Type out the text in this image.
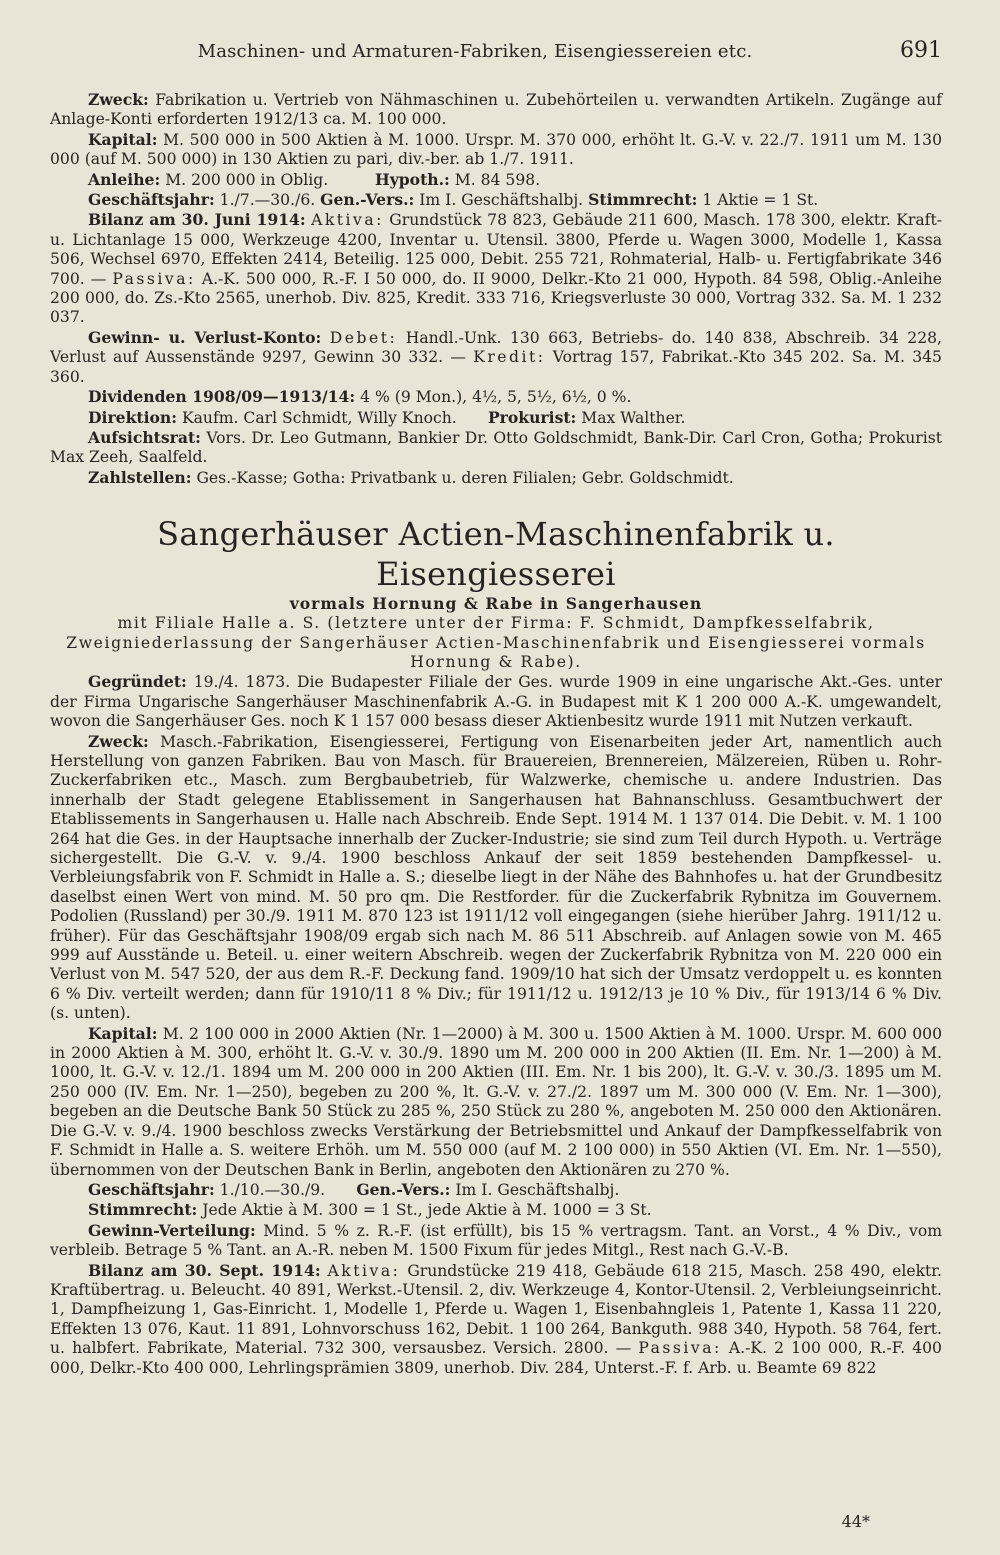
Maschinen- und Armaturen-Fabriken, Eisengiessereien etc.	691

Zweck: Fabrikation u. Vertrieb von Nähmaschinen u. Zubehörteilen u. verwandten Artikeln. Zugänge auf Anlage-Konti erforderten 1912/13 ca. M. 100 000.

Kapital: M. 500 000 in 500 Aktien à M. 1000. Urspr. M. 370 000, erhöht lt. G.-V. v. 22./7. 1911 um M. 130 000 (auf M. 500 000) in 130 Aktien zu pari, div.-ber. ab 1./7. 1911.

Anleihe: M. 200 000 in Oblig.   	Hypoth.: M. 84 598.

Geschäftsjahr: 1./7.—30./6. Gen.-Vers.: Im I. Geschäftshalbj. Stimmrecht: 1 Aktie = 1 St.

Bilanz am 30. Juni 1914: Aktiva: Grundstück 78 823, Gebäude 211 600, Masch. 178 300, elektr. Kraft- u. Lichtanlage 15 000, Werkzeuge 4200, Inventar u. Utensil. 3800, Pferde u. Wagen 3000, Modelle 1, Kassa 506, Wechsel 6970, Effekten 2414, Beteilig. 125 000, Debit. 255 721, Rohmaterial, Halb- u. Fertigfabrikate 346 700. — Passiva: A.-K. 500 000, R.-F. I 50 000, do. II 9000, Delkr.-Kto 21 000, Hypoth. 84 598, Oblig.-Anleihe 200 000, do. Zs.-Kto 2565, unerhob. Div. 825, Kredit. 333 716, Kriegsverluste 30 000, Vortrag 332. Sa. M. 1 232 037.

Gewinn- u. Verlust-Konto: Debet: Handl.-Unk. 130 663, Betriebs- do. 140 838, Abschreib. 34 228, Verlust auf Aussenstände 9297, Gewinn 30 332. — Kredit: Vortrag 157, Fabrikat.-Kto 345 202. Sa. M. 345 360.

Dividenden 1908/09—1913/14: 4 % (9 Mon.), 4½, 5, 5½, 6½, 0 %.

Direktion: Kaufm. Carl Schmidt, Willy Knoch.   Prokurist: Max Walther.

Aufsichtsrat: Vors. Dr. Leo Gutmann, Bankier Dr. Otto Goldschmidt, Bank-Dir. Carl Cron, Gotha; Prokurist Max Zeeh, Saalfeld.

Zahlstellen: Ges.-Kasse; Gotha: Privatbank u. deren Filialen; Gebr. Goldschmidt.

Sangerhäuser Actien-Maschinenfabrik u. Eisengiesserei
vormals Hornung & Rabe in Sangerhausen
mit Filiale Halle a. S. (letztere unter der Firma: F. Schmidt, Dampfkesselfabrik, Zweigniederlassung der Sangerhäuser Actien-Maschinenfabrik und Eisengiesserei vormals Hornung & Rabe).

Gegründet: 19./4. 1873. Die Budapester Filiale der Ges. wurde 1909 in eine ungarische Akt.-Ges. unter der Firma Ungarische Sangerhäuser Maschinenfabrik A.-G. in Budapest mit K 1 200 000 A.-K. umgewandelt, wovon die Sangerhäuser Ges. noch K 1 157 000 besass dieser Aktienbesitz wurde 1911 mit Nutzen verkauft.

Zweck: Masch.-Fabrikation, Eisengiesserei, Fertigung von Eisenarbeiten jeder Art, namentlich auch Herstellung von ganzen Fabriken. Bau von Masch. für Brauereien, Brennereien, Mälzereien, Rüben u. Rohr-Zuckerfabriken etc., Masch. zum Bergbaubetrieb, für Walzwerke, chemische u. andere Industrien. Das innerhalb der Stadt gelegene Etablissement in Sangerhausen hat Bahnanschluss. Gesamtbuchwert der Etablissements in Sangerhausen u. Halle nach Abschreib. Ende Sept. 1914 M. 1 137 014. Die Debit. v. M. 1 100 264 hat die Ges. in der Hauptsache innerhalb der Zucker-Industrie; sie sind zum Teil durch Hypoth. u. Verträge sichergestellt. Die G.-V. v. 9./4. 1900 beschloss Ankauf der seit 1859 bestehenden Dampfkessel- u. Verbleiungsfabrik von F. Schmidt in Halle a. S.; dieselbe liegt in der Nähe des Bahnhofes u. hat der Grundbesitz daselbst einen Wert von mind. M. 50 pro qm. Die Restforder. für die Zuckerfabrik Rybnitza im Gouvernem. Podolien (Russland) per 30./9. 1911 M. 870 123 ist 1911/12 voll eingegangen (siehe hierüber Jahrg. 1911/12 u. früher). Für das Geschäftsjahr 1908/09 ergab sich nach M. 86 511 Abschreib. auf Anlagen sowie von M. 465 999 auf Ausstände u. Beteil. u. einer weitern Abschreib. wegen der Zuckerfabrik Rybnitza von M. 220 000 ein Verlust von M. 547 520, der aus dem R.-F. Deckung fand. 1909/10 hat sich der Umsatz verdoppelt u. es konnten 6 % Div. verteilt werden; dann für 1910/11 8 % Div.; für 1911/12 u. 1912/13 je 10 % Div., für 1913/14 6 % Div. (s. unten).

Kapital: M. 2 100 000 in 2000 Aktien (Nr. 1—2000) à M. 300 u. 1500 Aktien à M. 1000. Urspr. M. 600 000 in 2000 Aktien à M. 300, erhöht lt. G.-V. v. 30./9. 1890 um M. 200 000 in 200 Aktien (II. Em. Nr. 1—200) à M. 1000, lt. G.-V. v. 12./1. 1894 um M. 200 000 in 200 Aktien (III. Em. Nr. 1 bis 200), lt. G.-V. v. 30./3. 1895 um M. 250 000 (IV. Em. Nr. 1—250), begeben zu 200 %, lt. G.-V. v. 27./2. 1897 um M. 300 000 (V. Em. Nr. 1—300), begeben an die Deutsche Bank 50 Stück zu 285 %, 250 Stück zu 280 %, angeboten M. 250 000 den Aktionären. Die G.-V. v. 9./4. 1900 beschloss zwecks Verstärkung der Betriebsmittel und Ankauf der Dampfkesselfabrik von F. Schmidt in Halle a. S. weitere Erhöh. um M. 550 000 (auf M. 2 100 000) in 550 Aktien (VI. Em. Nr. 1—550), übernommen von der Deutschen Bank in Berlin, angeboten den Aktionären zu 270 %.

Geschäftsjahr: 1./10.—30./9.   Gen.-Vers.: Im I. Geschäftshalbj.

Stimmrecht: Jede Aktie à M. 300 = 1 St., jede Aktie à M. 1000 = 3 St.

Gewinn-Verteilung: Mind. 5 % z. R.-F. (ist erfüllt), bis 15 % vertragsm. Tant. an Vorst., 4 % Div., vom verbleib. Betrage 5 % Tant. an A.-R. neben M. 1500 Fixum für jedes Mitgl., Rest nach G.-V.-B.

Bilanz am 30. Sept. 1914: Aktiva: Grundstücke 219 418, Gebäude 618 215, Masch. 258 490, elektr. Kraftübertrag. u. Beleucht. 40 891, Werkst.-Utensil. 2, div. Werkzeuge 4, Kontor-Utensil. 2, Verbleiungseinricht. 1, Dampfheizung 1, Gas-Einricht. 1, Modelle 1, Pferde u. Wagen 1, Eisenbahngleis 1, Patente 1, Kassa 11 220, Effekten 13 076, Kaut. 11 891, Lohnvorschuss 162, Debit. 1 100 264, Bankguth. 988 340, Hypoth. 58 764, fert. u. halbfert. Fabrikate, Material. 732 300, versausbez. Versich. 2800. — Passiva: A.-K. 2 100 000, R.-F. 400 000, Delkr.-Kto 400 000, Lehrlingsprämien 3809, unerhob. Div. 284, Unterst.-F. f. Arb. u. Beamte 69 822

44*
